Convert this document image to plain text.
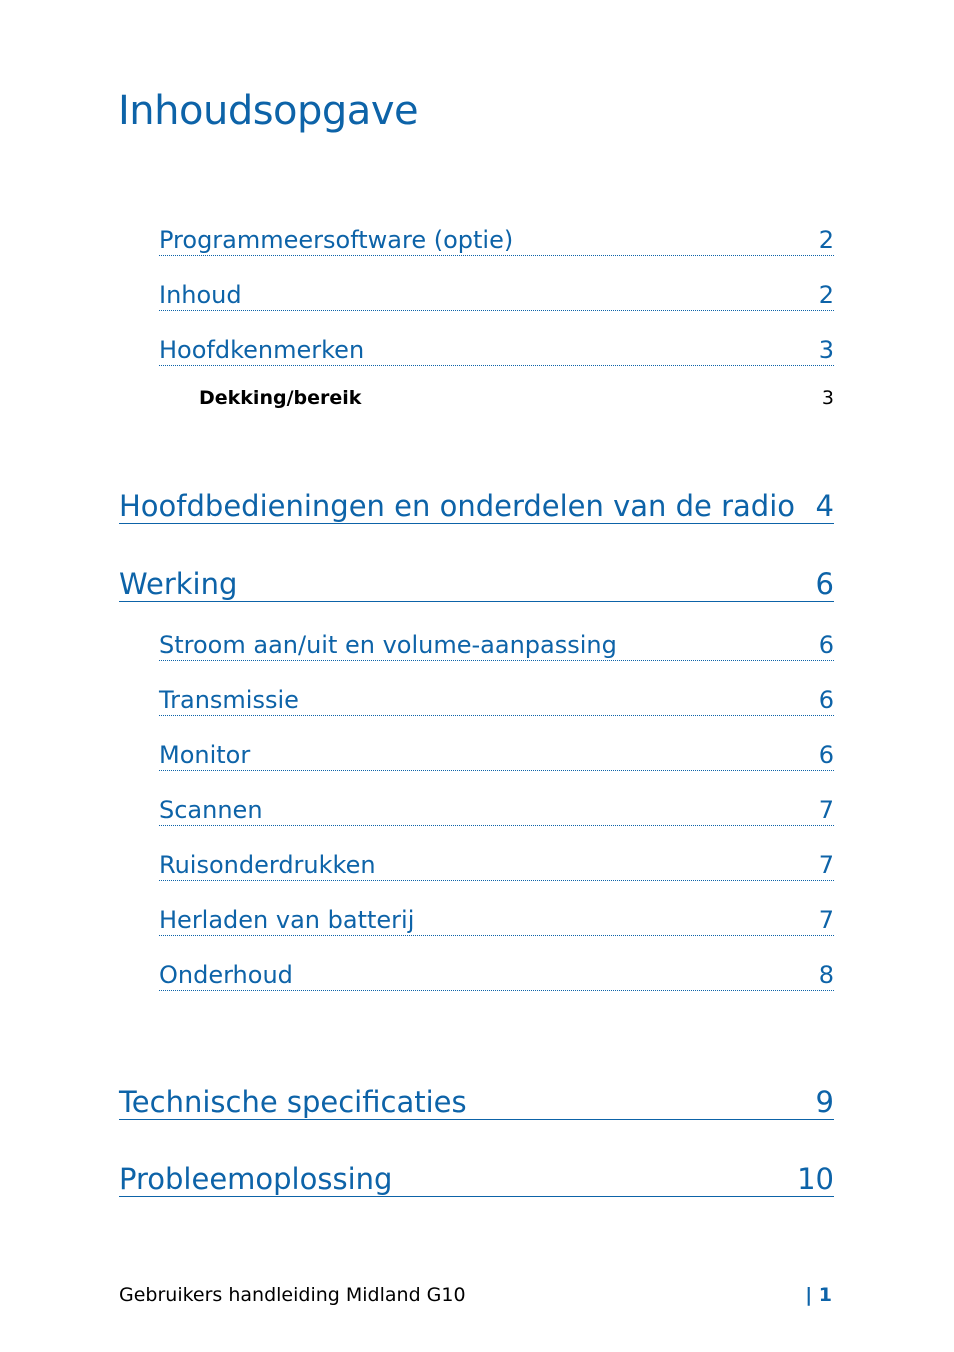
Inhoudsopgave
Programmeersoftware (optie)	2
Inhoud	2
Hoofdkenmerken	3
Dekking/bereik	3
Hoofdbedieningen en onderdelen van de radio 4
Werking	6
Stroom aan/uit en volume-aanpassing	6
Transmissie	6
Monitor	6
Scannen	7
Ruisonderdrukken	7
Herladen van batterij	7
Onderhoud	8
Technische specificaties	9
Probleemoplossing	10
Gebruikers handleiding Midland G10	| 1
